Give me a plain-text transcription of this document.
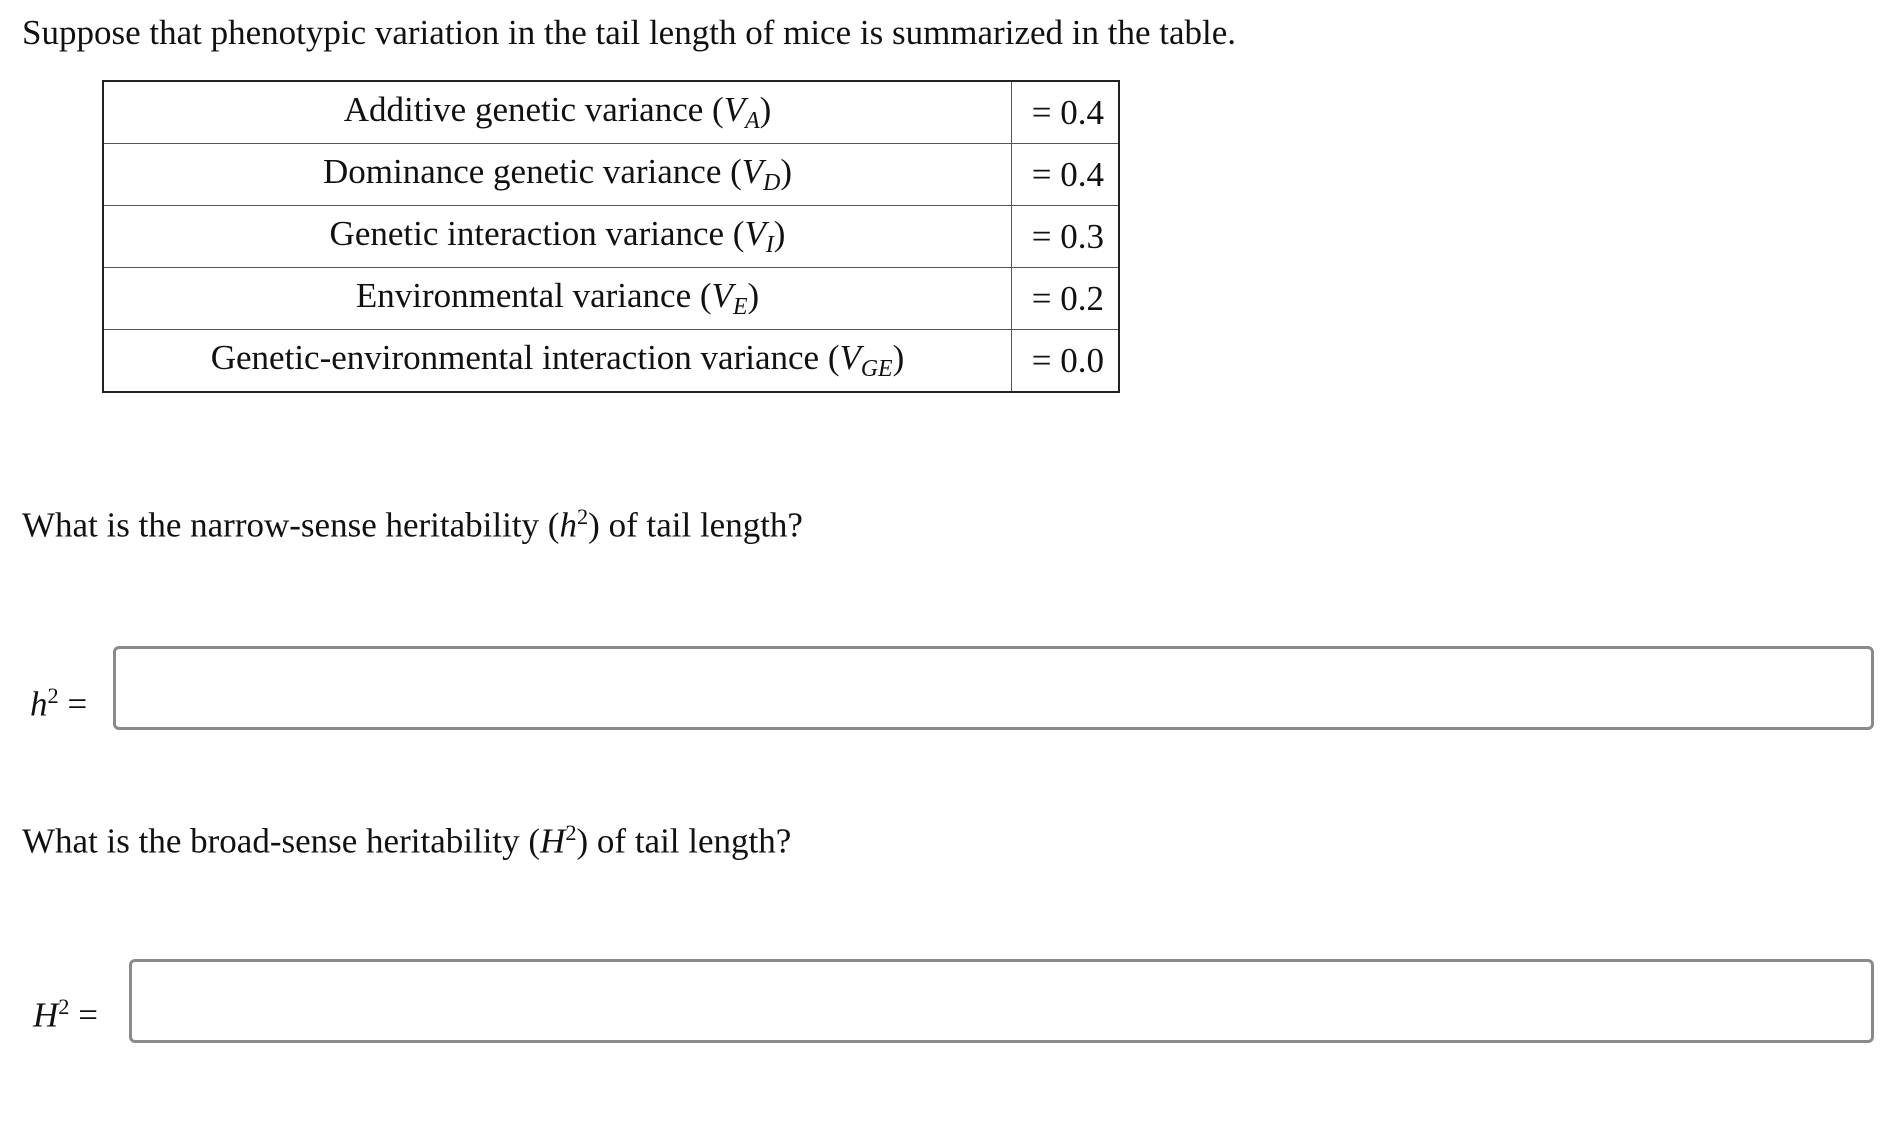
Suppose that phenotypic variation in the tail length of mice is summarized in the table.
Additive genetic variance $(V_A)$	= 0.4
Dominance genetic variance $(V_D)$	= 0.4
Genetic interaction variance $(V_I)$	= 0.3
Environmental variance $(V_E)$	= 0.2
Genetic-environmental interaction variance $(V_{GE})$	= 0.0
What is the narrow-sense heritability $(h^2)$ of tail length?
$h^2$ =
What is the broad-sense heritability $(H^2)$ of tail length?
$H^2$ =
